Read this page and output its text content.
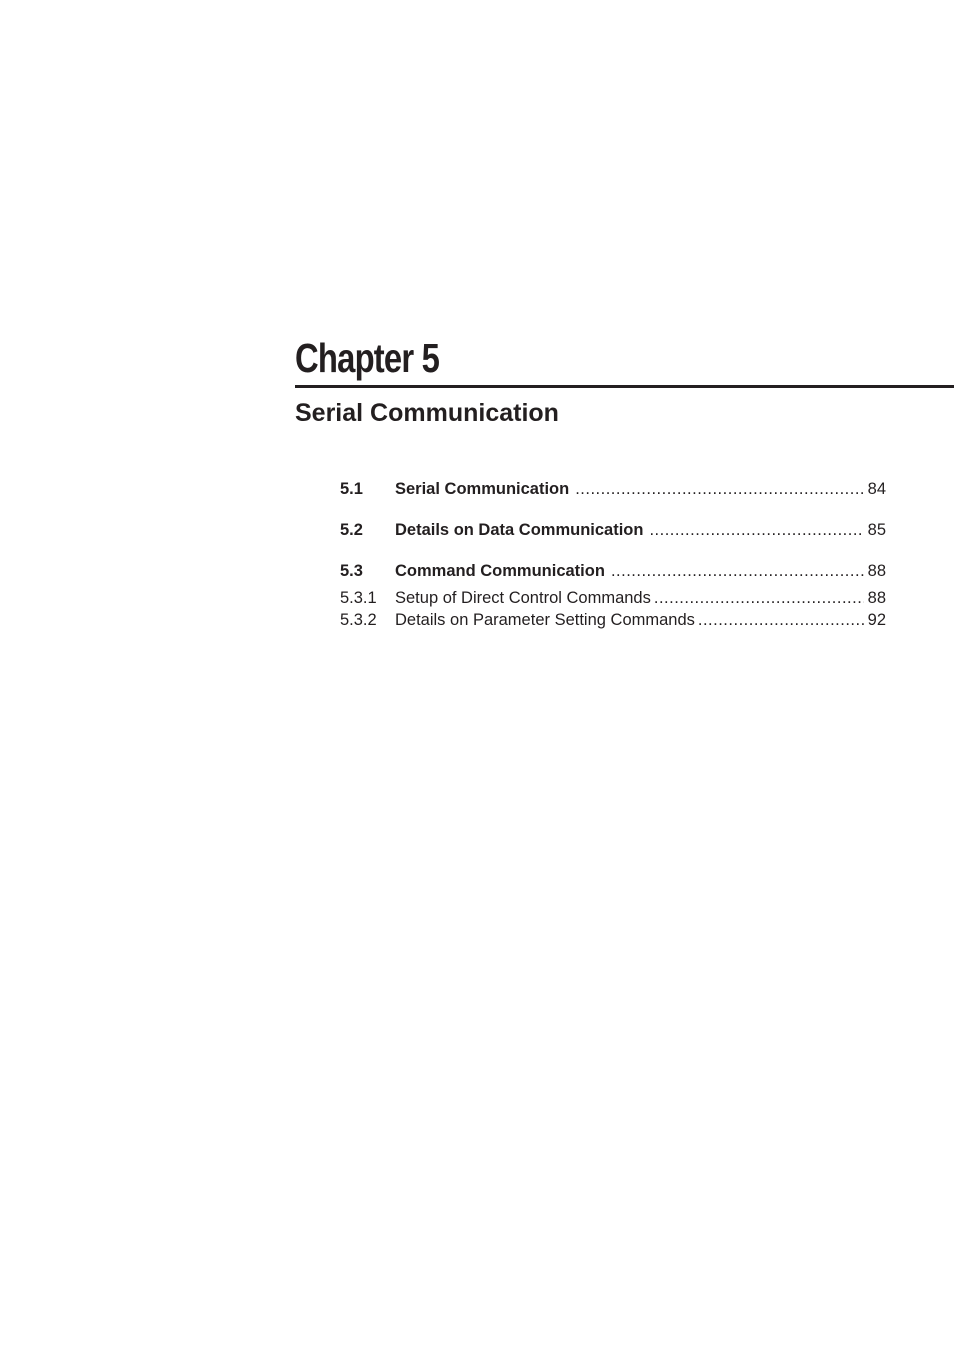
Chapter 5
Serial Communication
5.1	Serial Communication .....	84
5.2	Details on Data Communication .....	85
5.3	Command Communication .....	88
5.3.1	Setup of Direct Control Commands .....	88
5.3.2	Details on Parameter Setting Commands .....	92
